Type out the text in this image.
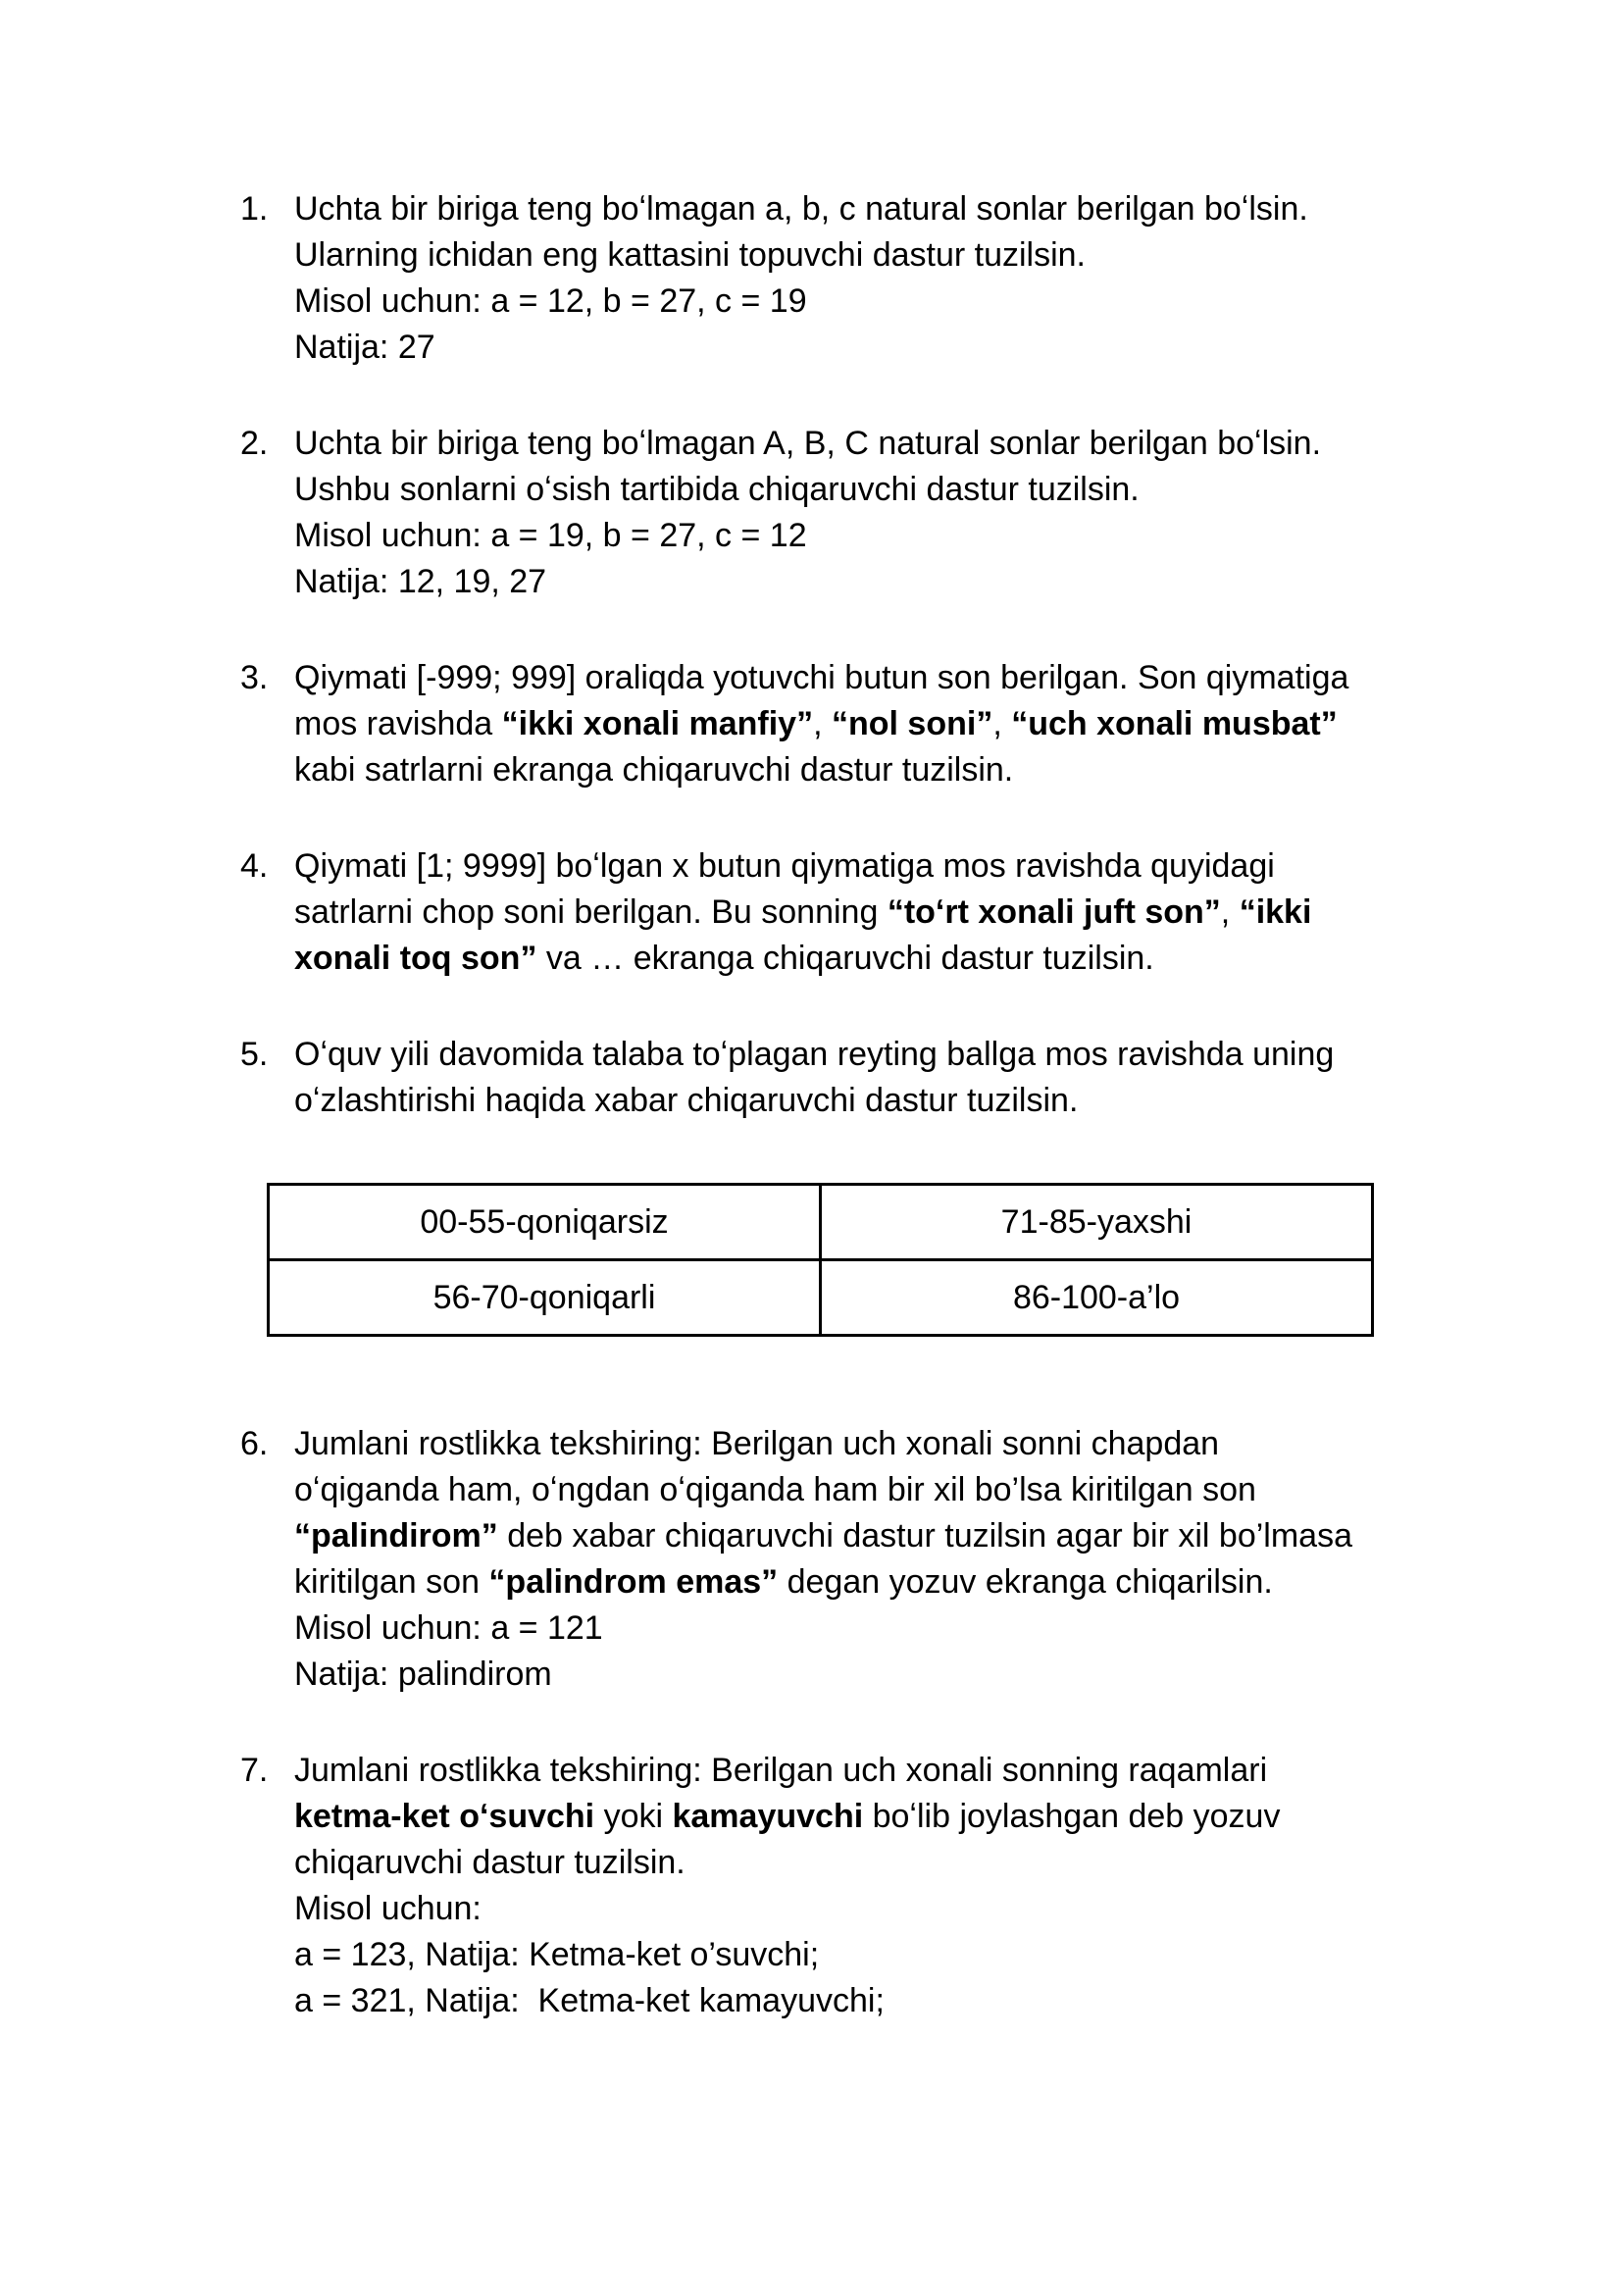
1. Uchta bir biriga teng boʻlmagan a, b, c natural sonlar berilgan boʻlsin.
Ularning ichidan eng kattasini topuvchi dastur tuzilsin.
Misol uchun: a = 12, b = 27, c = 19
Natija: 27
2. Uchta bir biriga teng boʻlmagan A, B, C natural sonlar berilgan boʻlsin.
Ushbu sonlarni oʻsish tartibida chiqaruvchi dastur tuzilsin.
Misol uchun: a = 19, b = 27, c = 12
Natija: 12, 19, 27
3. Qiymati [-999; 999] oraliqda yotuvchi butun son berilgan. Son qiymatiga
mos ravishda “ikki xonali manfiy”, “nol soni”, “uch xonali musbat”
kabi satrlarni ekranga chiqaruvchi dastur tuzilsin.
4. Qiymati [1; 9999] boʻlgan x butun qiymatiga mos ravishda quyidagi
satrlarni chop soni berilgan. Bu sonning “toʻrt xonali juft son”, “ikki
xonali toq son” va … ekranga chiqaruvchi dastur tuzilsin.
5. Oʻquv yili davomida talaba toʻplagan reyting ballga mos ravishda uning
oʻzlashtirishi haqida xabar chiqaruvchi dastur tuzilsin.
00-55-qoniqarsiz	71-85-yaxshi
56-70-qoniqarli	86-100-a’lo
6. Jumlani rostlikka tekshiring: Berilgan uch xonali sonni chapdan
oʻqiganda ham, oʻngdan oʻqiganda ham bir xil bo’lsa kiritilgan son
“palindirom” deb xabar chiqaruvchi dastur tuzilsin agar bir xil bo’lmasa
kiritilgan son “palindrom emas” degan yozuv ekranga chiqarilsin.
Misol uchun: a = 121
Natija: palindirom
7. Jumlani rostlikka tekshiring: Berilgan uch xonali sonning raqamlari
ketma-ket oʻsuvchi yoki kamayuvchi boʻlib joylashgan deb yozuv
chiqaruvchi dastur tuzilsin.
Misol uchun:
a = 123, Natija: Ketma-ket o’suvchi;
a = 321, Natija:  Ketma-ket kamayuvchi;
